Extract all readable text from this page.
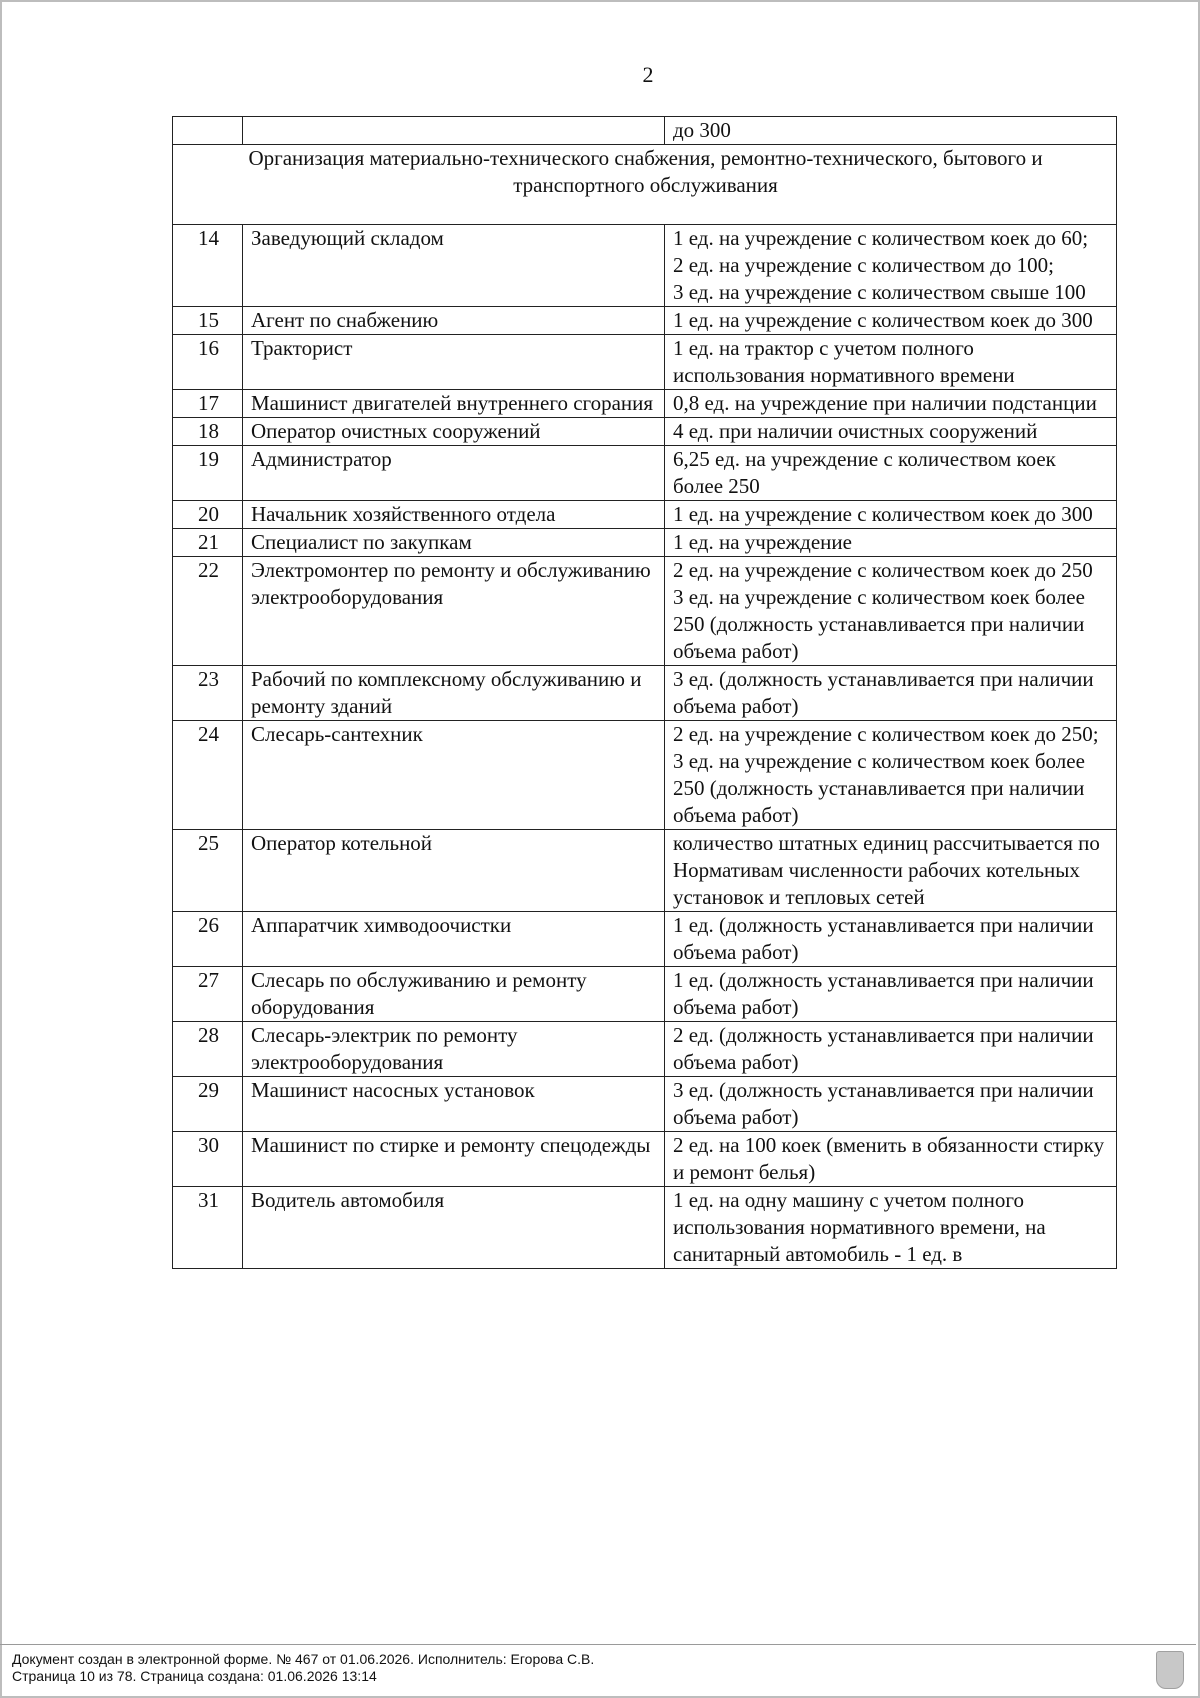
2
		до 300
Организация материально-технического снабжения, ремонтно-технического, бытового и транспортного обслуживания		
14	Заведующий складом	1 ед. на учреждение с количеством коек до 60;
2 ед. на учреждение с количеством до 100;
3 ед. на учреждение с количеством свыше 100
15	Агент по снабжению	1 ед. на учреждение с количеством коек до 300
16	Тракторист	1 ед. на трактор с учетом полного использования нормативного времени
17	Машинист двигателей внутреннего сгорания	0,8 ед. на учреждение при наличии подстанции
18	Оператор очистных сооружений	4 ед. при наличии очистных сооружений
19	Администратор	6,25 ед. на учреждение с количеством коек более 250
20	Начальник хозяйственного отдела	1 ед. на учреждение с количеством коек до 300
21	Специалист по закупкам	1 ед. на учреждение
22	Электромонтер по ремонту и обслуживанию электрооборудования	2 ед. на учреждение с количеством коек до 250
3 ед. на учреждение с количеством коек более 250 (должность устанавливается при наличии объема работ)
23	Рабочий по комплексному обслуживанию и ремонту зданий	3 ед. (должность устанавливается при наличии объема работ)
24	Слесарь-сантехник	2 ед. на учреждение с количеством коек до 250;
3 ед. на учреждение с количеством коек более 250 (должность устанавливается при наличии объема работ)
25	Оператор котельной	количество штатных единиц рассчитывается по Нормативам численности рабочих котельных установок и тепловых сетей
26	Аппаратчик химводоочистки	1 ед. (должность устанавливается при наличии объема работ)
27	Слесарь по обслуживанию и ремонту оборудования	1 ед. (должность устанавливается при наличии объема работ)
28	Слесарь-электрик по ремонту электрооборудования	2 ед. (должность устанавливается при наличии объема работ)
29	Машинист насосных установок	3 ед. (должность устанавливается при наличии объема работ)
30	Машинист по стирке и ремонту спецодежды	2 ед. на 100 коек (вменить в обязанности стирку и ремонт белья)
31	Водитель автомобиля	1 ед. на одну машину с учетом полного использования нормативного времени, на санитарный автомобиль - 1 ед. в
Документ создан в электронной форме. № 467 от 01.06.2026. Исполнитель: Егорова С.В.
Страница 10 из 78. Страница создана: 01.06.2026 13:14
